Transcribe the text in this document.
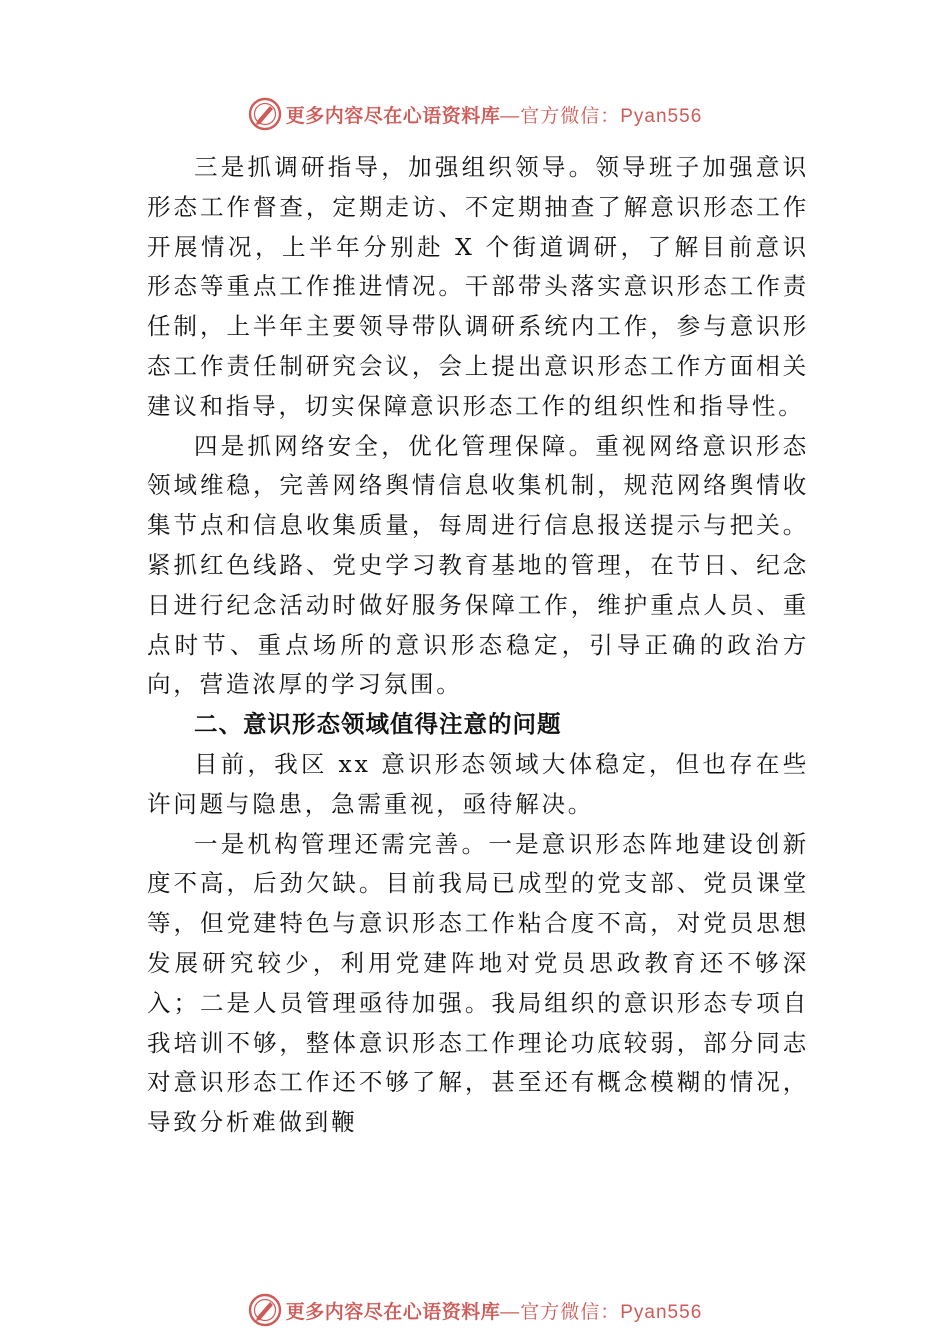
更多内容尽在心语资料库 —官方微信：Pyan556

三是抓调研指导，加强组织领导。领导班子加强意识形态工作督查，定期走访、不定期抽查了解意识形态工作开展情况，上半年分别赴 X 个街道调研，了解目前意识形态等重点工作推进情况。干部带头落实意识形态工作责任制，上半年主要领导带队调研系统内工作，参与意识形态工作责任制研究会议，会上提出意识形态工作方面相关建议和指导，切实保障意识形态工作的组织性和指导性。

四是抓网络安全，优化管理保障。重视网络意识形态领域维稳，完善网络舆情信息收集机制，规范网络舆情收集节点和信息收集质量，每周进行信息报送提示与把关。紧抓红色线路、党史学习教育基地的管理，在节日、纪念日进行纪念活动时做好服务保障工作，维护重点人员、重点时节、重点场所的意识形态稳定，引导正确的政治方向，营造浓厚的学习氛围。

二、意识形态领域值得注意的问题

目前，我区 xx 意识形态领域大体稳定，但也存在些许问题与隐患，急需重视，亟待解决。

一是机构管理还需完善。一是意识形态阵地建设创新度不高，后劲欠缺。目前我局已成型的党支部、党员课堂等，但党建特色与意识形态工作粘合度不高，对党员思想发展研究较少，利用党建阵地对党员思政教育还不够深入；二是人员管理亟待加强。我局组织的意识形态专项自我培训不够，整体意识形态工作理论功底较弱，部分同志对意识形态工作还不够了解，甚至还有概念模糊的情况，导致分析难做到鞭

更多内容尽在心语资料库 —官方微信：Pyan556
